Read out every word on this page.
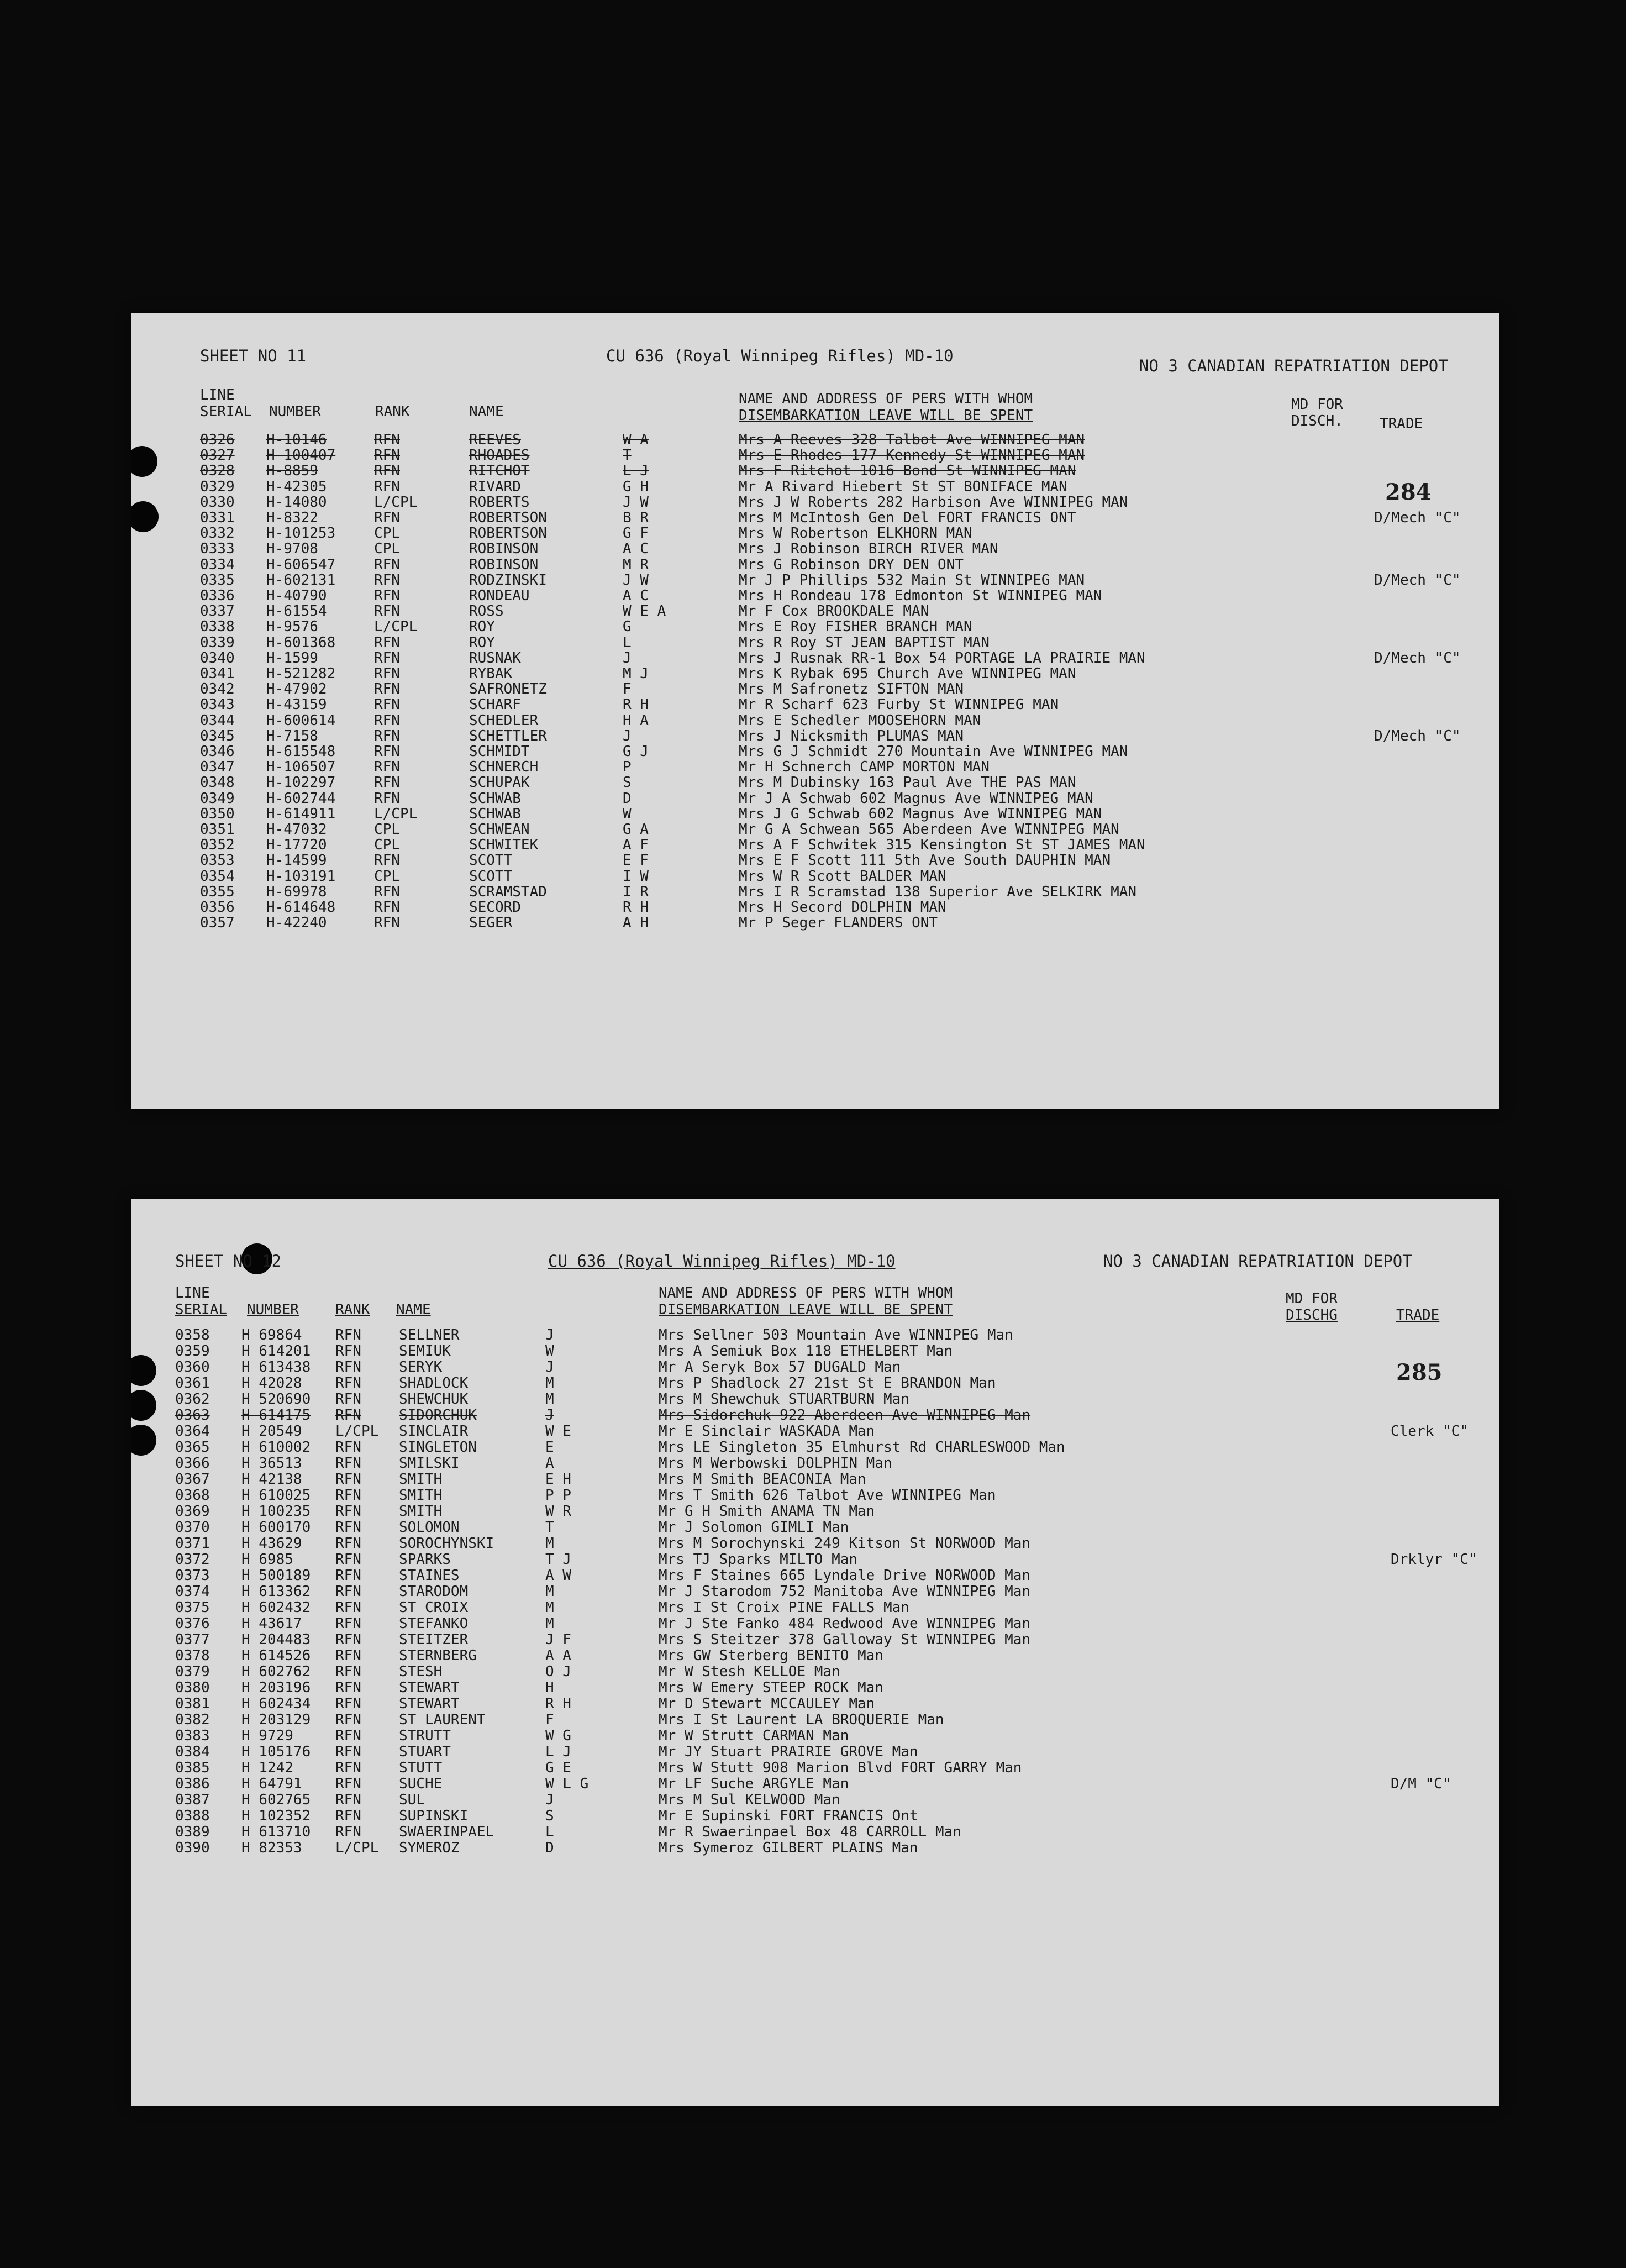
SHEET NO 11	CU 636 (Royal Winnipeg Rifles) MD-10
NO 3 CANADIAN REPATRIATION DEPOT
LINE
SERIAL NUMBER	RANK	NAME
NAME AND ADDRESS OF PERS WITH WHOM
DISEMBARKATION LEAVE WILL BE SPENT
MD FOR
DISCH.	TRADE
284
0326 H-10146	RFN	REEVES	W A	Mrs A Reeves 328 Talbot Ave WINNIPEG MAN
0327 H-100407	RFN	RHOADES	T	Mrs E Rhodes 177 Kennedy St WINNIPEG MAN
0328 H-8859	RFN	RITCHOT	L J	Mrs F Ritchot 1016 Bond St WINNIPEG MAN
0329 H-42305	RFN	RIVARD	G H	Mr A Rivard Hiebert St ST BONIFACE MAN
0330 H-14080	L/CPL	ROBERTS	J W	Mrs J W Roberts 282 Harbison Ave WINNIPEG MAN
0331 H-8322	RFN	ROBERTSON	B R	Mrs M McIntosh Gen Del FORT FRANCIS ONT	D/Mech "C"
0332 H-101253	CPL	ROBERTSON	G F	Mrs W Robertson ELKHORN MAN
0333 H-9708	CPL	ROBINSON	A C	Mrs J Robinson BIRCH RIVER MAN
0334 H-606547	RFN	ROBINSON	M R	Mrs G Robinson DRY DEN ONT
0335 H-602131	RFN	RODZINSKI	J W	Mr J P Phillips 532 Main St WINNIPEG MAN	D/Mech "C"
0336 H-40790	RFN	RONDEAU	A C	Mrs H Rondeau 178 Edmonton St WINNIPEG MAN
0337 H-61554	RFN	ROSS	W E A	Mr F Cox BROOKDALE MAN
0338 H-9576	L/CPL	ROY	G	Mrs E Roy FISHER BRANCH MAN
0339 H-601368	RFN	ROY	L	Mrs R Roy ST JEAN BAPTIST MAN
0340 H-1599	RFN	RUSNAK	J	Mrs J Rusnak RR-1 Box 54 PORTAGE LA PRAIRIE MAN	D/Mech "C"
0341 H-521282	RFN	RYBAK	M J	Mrs K Rybak 695 Church Ave WINNIPEG MAN
0342 H-47902	RFN	SAFRONETZ	F	Mrs M Safronetz SIFTON MAN
0343 H-43159	RFN	SCHARF	R H	Mr R Scharf 623 Furby St WINNIPEG MAN
0344 H-600614	RFN	SCHEDLER	H A	Mrs E Schedler MOOSEHORN MAN
0345 H-7158	RFN	SCHETTLER	J	Mrs J Nicksmith PLUMAS MAN	D/Mech "C"
0346 H-615548	RFN	SCHMIDT	G J	Mrs G J Schmidt 270 Mountain Ave WINNIPEG MAN
0347 H-106507	RFN	SCHNERCH	P	Mr H Schnerch CAMP MORTON MAN
0348 H-102297	RFN	SCHUPAK	S	Mrs M Dubinsky 163 Paul Ave THE PAS MAN
0349 H-602744	RFN	SCHWAB	D	Mr J A Schwab 602 Magnus Ave WINNIPEG MAN
0350 H-614911	L/CPL	SCHWAB	W	Mrs J G Schwab 602 Magnus Ave WINNIPEG MAN
0351 H-47032	CPL	SCHWEAN	G A	Mr G A Schwean 565 Aberdeen Ave WINNIPEG MAN
0352 H-17720	CPL	SCHWITEK	A F	Mrs A F Schwitek 315 Kensington St ST JAMES MAN
0353 H-14599	RFN	SCOTT	E F	Mrs E F Scott 111 5th Ave South DAUPHIN MAN
0354 H-103191	CPL	SCOTT	I W	Mrs W R Scott BALDER MAN
0355 H-69978	RFN	SCRAMSTAD	I R	Mrs I R Scramstad 138 Superior Ave SELKIRK MAN
0356 H-614648	RFN	SECORD	R H	Mrs H Secord DOLPHIN MAN
0357 H-42240	RFN	SEGER	A H	Mr P Seger FLANDERS ONT
SHEET NO 12	CU 636 (Royal Winnipeg Rifles) MD-10	NO 3 CANADIAN REPATRIATION DEPOT
LINE
SERIAL NUMBER	RANK NAME
NAME AND ADDRESS OF PERS WITH WHOM
DISEMBARKATION LEAVE WILL BE SPENT
MD FOR
DISCHG	TRADE
285
0358 H 69864 RFN	SELLNER	J	Mrs Sellner 503 Mountain Ave WINNIPEG Man
0359 H 614201 RFN	SEMIUK	W	Mrs A Semiuk Box 118 ETHELBERT Man
0360 H 613438 RFN	SERYK	J	Mr A Seryk Box 57 DUGALD Man
0361 H 42028 RFN	SHADLOCK	M	Mrs P Shadlock 27 21st St E BRANDON Man
0362 H 520690 RFN	SHEWCHUK	M	Mrs M Shewchuk STUARTBURN Man
0363 H 614175 RFN	SIDORCHUK	J	Mrs Sidorchuk 922 Aberdeen Ave WINNIPEG Man
0364 H 20549 L/CPL SINCLAIR	W E	Mr E Sinclair WASKADA Man	Clerk "C"
0365 H 610002 RFN	SINGLETON	E	Mrs LE Singleton 35 Elmhurst Rd CHARLESWOOD Man
0366 H 36513 RFN	SMILSKI	A	Mrs M Werbowski DOLPHIN Man
0367 H 42138 RFN	SMITH	E H	Mrs M Smith BEACONIA Man
0368 H 610025 RFN	SMITH	P P	Mrs T Smith 626 Talbot Ave WINNIPEG Man
0369 H 100235 RFN	SMITH	W R	Mr G H Smith ANAMA TN Man
0370 H 600170 RFN	SOLOMON	T	Mr J Solomon GIMLI Man
0371 H 43629 RFN	SOROCHYNSKI	M	Mrs M Sorochynski 249 Kitson St NORWOOD Man
0372 H 6985	RFN	SPARKS	T J	Mrs TJ Sparks MILTO Man	Drklyr "C"
0373 H 500189 RFN	STAINES	A W	Mrs F Staines 665 Lyndale Drive NORWOOD Man
0374 H 613362 RFN	STARODOM	M	Mr J Starodom 752 Manitoba Ave WINNIPEG Man
0375 H 602432 RFN	ST CROIX	M	Mrs I St Croix PINE FALLS Man
0376 H 43617 RFN	STEFANKO	M	Mr J Ste Fanko 484 Redwood Ave WINNIPEG Man
0377 H 204483 RFN	STEITZER	J F	Mrs S Steitzer 378 Galloway St WINNIPEG Man
0378 H 614526 RFN	STERNBERG	A A	Mrs GW Sterberg BENITO Man
0379 H 602762 RFN	STESH	O J	Mr W Stesh KELLOE Man
0380 H 203196 RFN	STEWART	H	Mrs W Emery STEEP ROCK Man
0381 H 602434 RFN	STEWART	R H	Mr D Stewart MCCAULEY Man
0382 H 203129 RFN	ST LAURENT	F	Mrs I St Laurent LA BROQUERIE Man
0383 H 9729	RFN	STRUTT	W G	Mr W Strutt CARMAN Man
0384 H 105176 RFN	STUART	L J	Mr JY Stuart PRAIRIE GROVE Man
0385 H 1242	RFN	STUTT	G E	Mrs W Stutt 908 Marion Blvd FORT GARRY Man
0386 H 64791 RFN	SUCHE	W L G	Mr LF Suche ARGYLE Man	D/M "C"
0387 H 602765 RFN	SUL	J	Mrs M Sul KELWOOD Man
0388 H 102352 RFN	SUPINSKI	S	Mr E Supinski FORT FRANCIS Ont
0389 H 613710 RFN	SWAERINPAEL	L	Mr R Swaerinpael Box 48 CARROLL Man
0390 H 82353 L/CPL SYMEROZ	D	Mrs Symeroz GILBERT PLAINS Man
